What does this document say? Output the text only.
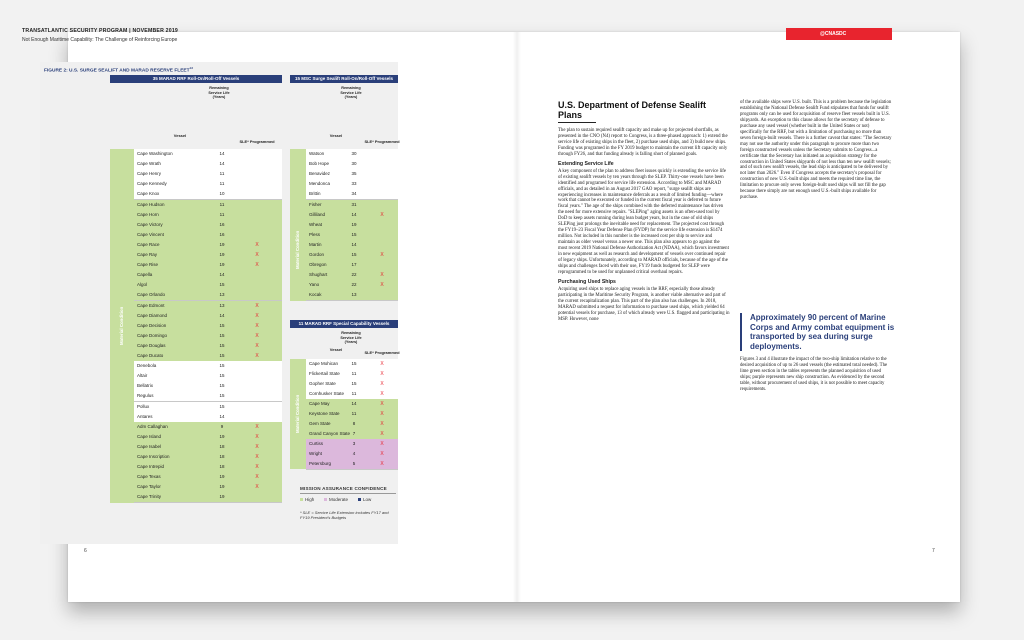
TRANSATLANTIC SECURITY PROGRAM | NOVEMBER 2019
Not Enough Maritime Capability: The Challenge of Reinforcing Europe
@CNASDC
6	7
FIGURE 2: U.S. SURGE SEALIFT AND MARAD RESERVE FLEET$^{13}$
35 MARAD RRF Roll-On/Roll-Off Vessels
Vessel
Remaining Service Life (Years)
SLE* Programmed
Material Condition
Cape Washington	14
Cape Wrath	14
Cape Henry	11
Cape Kennedy	11
Cape Knox	10
Cape Hudson	11
Cape Horn	11
Cape Victory	16
Cape Vincent	16
Cape Race	19	X
Cape Ray	19	X
Cape Rise	19	X
Capella	14
Algol	15
Cape Orlando	13
Cape Edmont	13	X
Cape Diamond	14	X
Cape Decision	15	X
Cape Domingo	15	X
Cape Douglas	15	X
Cape Ducato	15	X
Denebola	15
Altair	15
Bellatrix	15
Regulus	15
Pollux	15
Antares	14
Adm Callaghan	9	X
Cape Island	19	X
Cape Isabel	18	X
Cape Inscription	18	X
Cape Intrepid	18	X
Cape Texas	19	X
Cape Taylor	19	X
Cape Trinity	19
15 MSC Surge Sealift Roll-On/Roll-Off Vessels
Vessel
Remaining Service Life (Years)
SLE* Programmed
Material Condition
Watson	30
Bob Hope	30
Benavidez	35
Mendonca	33
Brittin	34
Fisher	31
Gilliland	14	X
Wheat	19
Pless	15
Martin	14
Gordon	15	X
Obregon	17
Shughart	22	X
Yano	22	X
Kocak	13
11 MARAD RRF Special Capability Vessels
Vessel
Remaining Service Life (Years)
SLE* Programmed
Material Condition
Cape Mohican	15	X
Flickertail State	11	X
Gopher State	15	X
Cornhusker State	11	X
Cape May	14	X
Keystone State	11	X
Gem State	8	X
Grand Canyon State 7	X
Curtiss	3	X
Wright	4	X
Petersburg	5	X
MISSION ASSURANCE CONFIDENCE
High	Moderate	Low
* SLE = Service Life Extension includes FY17 and FY19 President's Budgets
U.S. Department of Defense Sealift Plans

The plan to sustain required sealift capacity and make up for projected shortfalls, as presented in the CNO (N4) report to Congress, is a three-phased approach: 1) extend the service life of existing ships in the fleet, 2) purchase used ships, and 3) build new ships. Funding was programed in the FY 2019 budget to maintain the current lift capacity only through FY26, and that funding already is falling short of planned goals.

Extending Service Life

A key component of the plan to address fleet issues quickly is extending the service life of existing sealift vessels by ten years through the SLEP. Thirty-one vessels have been identified and programed for service life extension. According to MSC and MARAD officials, and as detailed in an August 2017 GAO report, "surge sealift ships are experiencing increases in maintenance deferrals as a result of limited funding—where work that cannot be executed or funded in the current fiscal year is deferred to future fiscal years." The age of the ships combined with the deferred maintenance has driven the need for more extensive repairs. "SLEPing" aging assets is an often-used tool by DoD to keep assets running during lean budget years, but in the case of old ships SLEPing just prolongs the inevitable need for replacement. The projected cost through the FY19–23 Fiscal Year Defense Plan (FYDP) for the service life extension is $1474 million. Not included in this number is the increased cost per ship to service and maintain as older vessel versus a newer one. This plan also appears to go against the most recent 2019 National Defense Authorization Act (NDAA), which favors investment in new equipment as well as research and development of vessels over continued repair of legacy ships. Unfortunately, according to MARAD officials, because of the age of the ships and challenges faced with their use, FY19 funds budgeted for SLEP were reprogrammed to be used for unplanned critical overhaul repairs.

Purchasing Used Ships

Acquiring used ships to replace aging vessels in the RRF, especially those already participating in the Maritime Security Program, is another viable alternative and part of the current recapitalization plan. This part of the plan also has challenges. In 2018, MARAD submitted a request for information to purchase used ships, which yielded 64 potential vessels for purchase, 13 of which already were U.S. flagged and participating in MSP. However, none

of the available ships were U.S. built. This is a problem because the legislation establishing the National Defense Sealift Fund stipulates that funds for sealift programs only can be used for acquisition of reserve fleet vessels built in U.S. shipyards. An exception to this clause allows for the secretary of defense to purchase any used vessel (whether built in the United States or not) specifically for the RRF, but with a limitation of purchasing no more than seven foreign-built vessels. There is a further caveat that states: "The Secretary may not use the authority under this paragraph to procure more than two foreign constructed vessels unless the Secretary submits to Congress...a certificate that the Secretary has initiated an acquisition strategy for the construction in United States shipyards of not less than ten new sealift vessels; and of such new sealift vessels, the lead ship is anticipated to be delivered by not later than 2026." Even if Congress accepts the secretary's proposal for construction of new U.S.-built ships and meets the required time line, the limitation to procure only seven foreign-built used ships will not fill the gap because there simply are not enough used U.S.-built ships available for purchase.

Approximately 90 percent of Marine Corps and Army combat equipment is transported by sea during surge deployments.

Figures 3 and 4 illustrate the impact of the two-ship limitation relative to the desired acquisition of up to 26 used vessels (the estimated total needed). The lime green section in the tables represents the planned acquisition of used ships; purple represents new ship construction. As evidenced by the second table, without procurement of used ships, it is not possible to meet capacity requirements.
